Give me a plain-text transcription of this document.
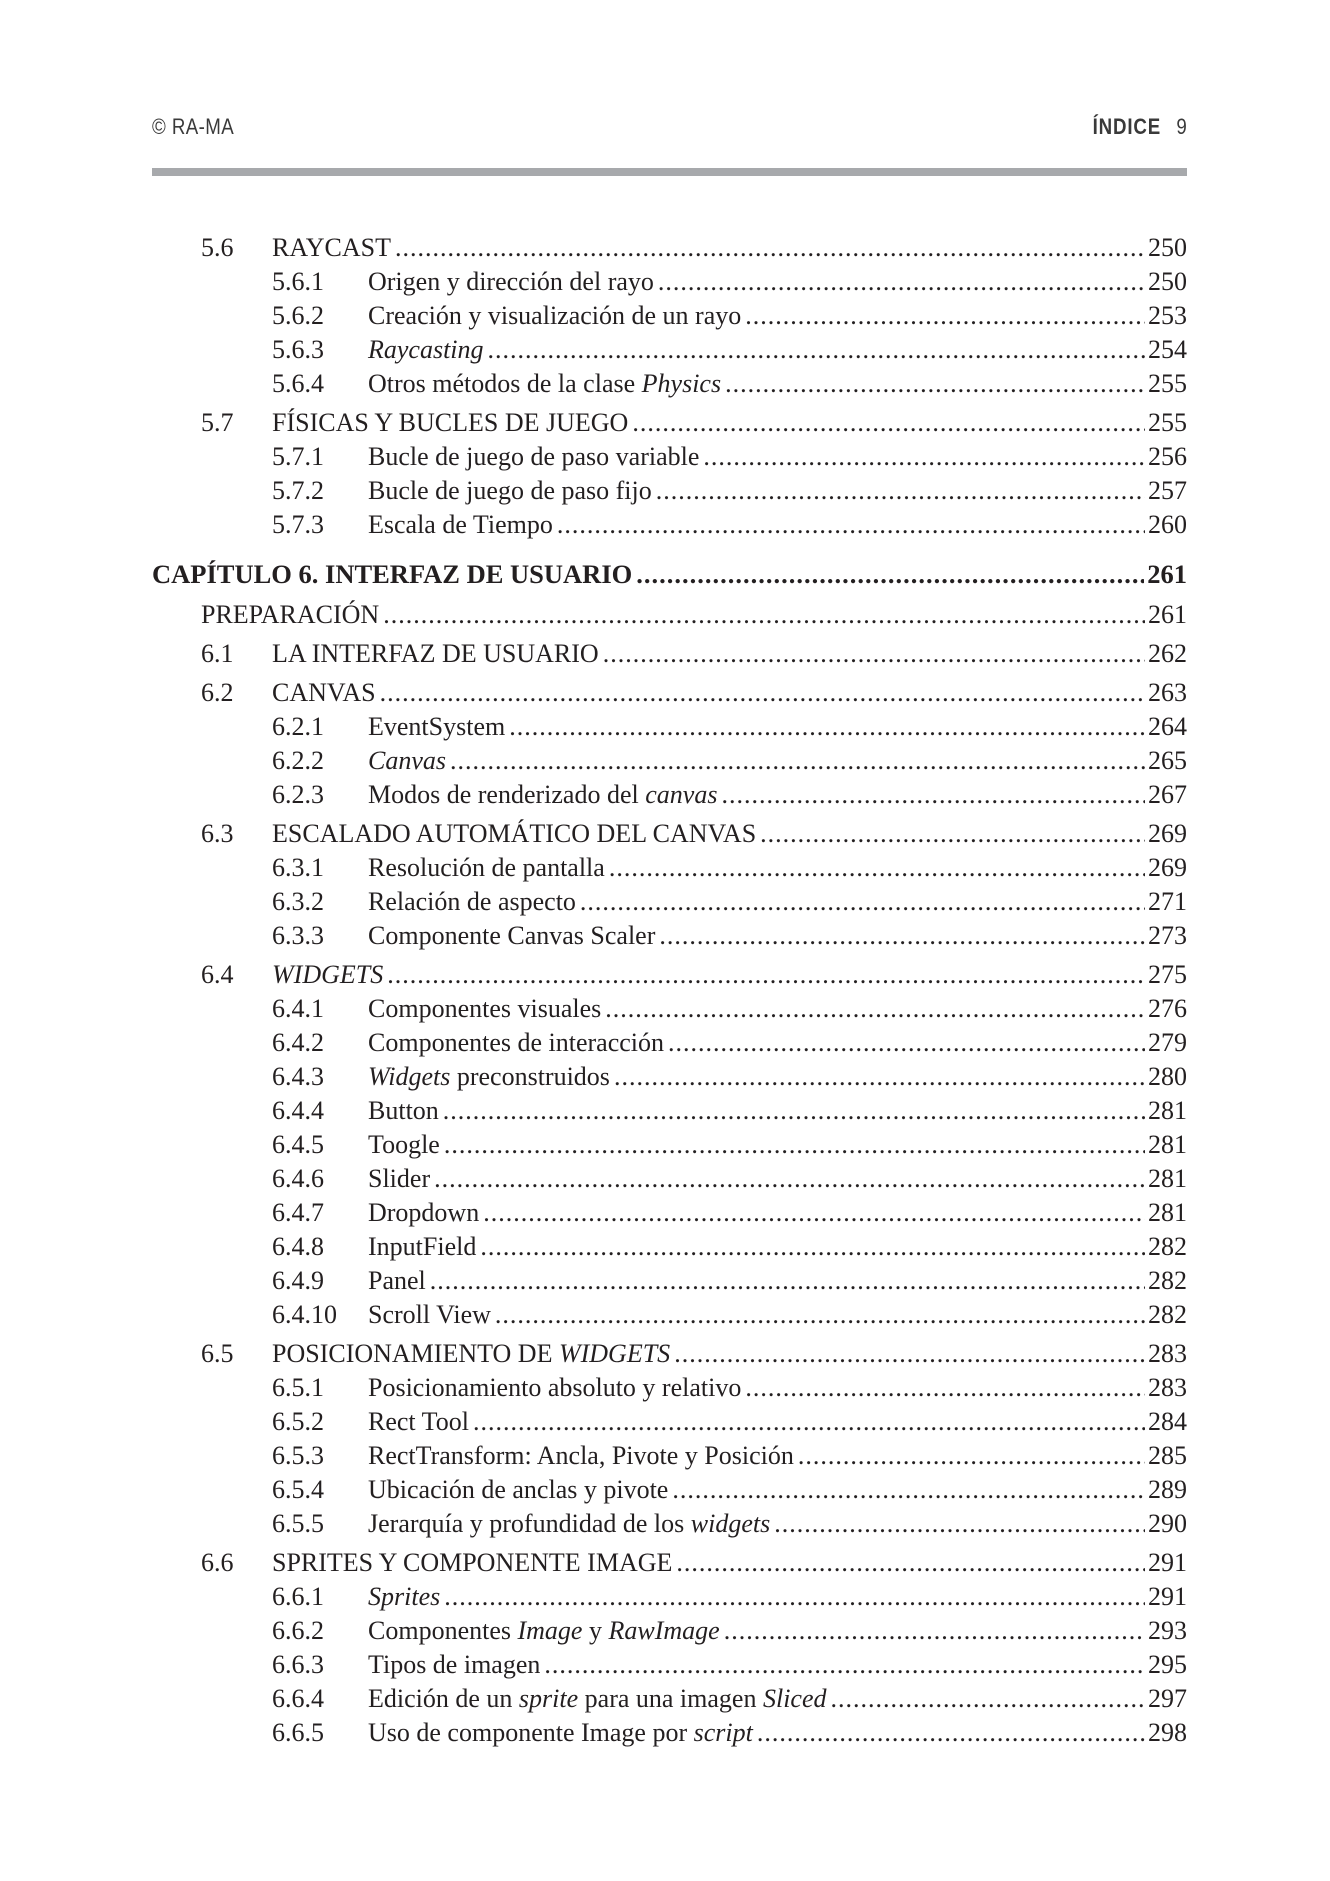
© RA-MA	ÍNDICE 9
5.6 RAYCAST .....	250
5.6.1 Origen y dirección del rayo .....	250
5.6.2 Creación y visualización de un rayo .....	253
5.6.3 Raycasting .....	254
5.6.4 Otros métodos de la clase Physics .....	255
5.7 FÍSICAS Y BUCLES DE JUEGO .....	255
5.7.1 Bucle de juego de paso variable .....	256
5.7.2 Bucle de juego de paso fijo .....	257
5.7.3 Escala de Tiempo .....	260
CAPÍTULO 6. INTERFAZ DE USUARIO .....	261
PREPARACIÓN .....	261
6.1 LA INTERFAZ DE USUARIO .....	262
6.2 CANVAS .....	263
6.2.1 EventSystem .....	264
6.2.2 Canvas .....	265
6.2.3 Modos de renderizado del canvas .....	267
6.3 ESCALADO AUTOMÁTICO DEL CANVAS .....	269
6.3.1 Resolución de pantalla .....	269
6.3.2 Relación de aspecto .....	271
6.3.3 Componente Canvas Scaler .....	273
6.4 WIDGETS .....	275
6.4.1 Componentes visuales .....	276
6.4.2 Componentes de interacción .....	279
6.4.3 Widgets preconstruidos .....	280
6.4.4 Button .....	281
6.4.5 Toogle .....	281
6.4.6 Slider .....	281
6.4.7 Dropdown .....	281
6.4.8 InputField .....	282
6.4.9 Panel .....	282
6.4.10 Scroll View .....	282
6.5 POSICIONAMIENTO DE WIDGETS .....	283
6.5.1 Posicionamiento absoluto y relativo .....	283
6.5.2 Rect Tool .....	284
6.5.3 RectTransform: Ancla, Pivote y Posición .....	285
6.5.4 Ubicación de anclas y pivote .....	289
6.5.5 Jerarquía y profundidad de los widgets .....	290
6.6 SPRITES Y COMPONENTE IMAGE .....	291
6.6.1 Sprites .....	291
6.6.2 Componentes Image y RawImage .....	293
6.6.3 Tipos de imagen .....	295
6.6.4 Edición de un sprite para una imagen Sliced .....	297
6.6.5 Uso de componente Image por script .....	298
